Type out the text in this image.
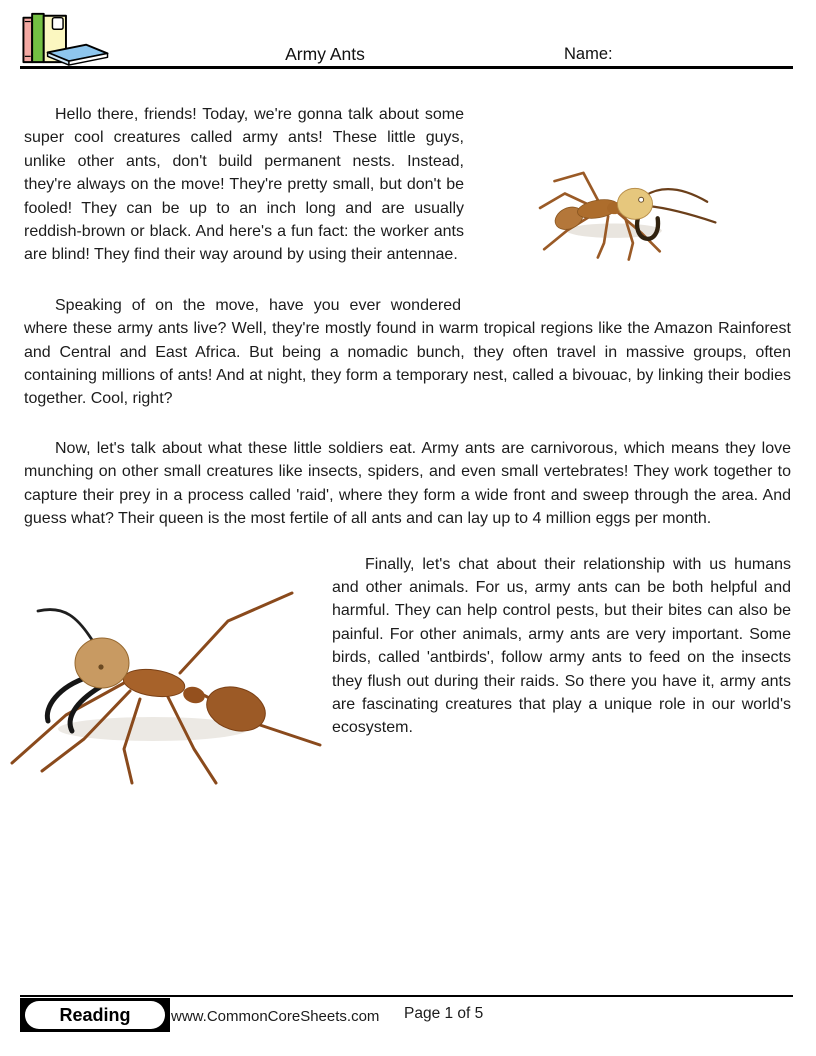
Army Ants	Name:

Hello there, friends! Today, we're gonna talk about some super cool creatures called army ants! These little guys, unlike other ants, don't build permanent nests. Instead, they're always on the move! They're pretty small, but don't be fooled! They can be up to an inch long and are usually reddish-brown or black. And here's a fun fact: the worker ants are blind! They find their way around by using their antennae.

Speaking of on the move, have you ever wondered where these army ants live? Well, they're mostly found in warm tropical regions like the Amazon Rainforest and Central and East Africa. But being a nomadic bunch, they often travel in massive groups, often containing millions of ants! And at night, they form a temporary nest, called a bivouac, by linking their bodies together. Cool, right?

Now, let's talk about what these little soldiers eat. Army ants are carnivorous, which means they love munching on other small creatures like insects, spiders, and even small vertebrates! They work together to capture their prey in a process called 'raid', where they form a wide front and sweep through the area. And guess what? Their queen is the most fertile of all ants and can lay up to 4 million eggs per month.

Finally, let's chat about their relationship with us humans and other animals. For us, army ants can be both helpful and harmful. They can help control pests, but their bites can also be painful. For other animals, army ants are very important. Some birds, called 'antbirds', follow army ants to feed on the insects they flush out during their raids. So there you have it, army ants are fascinating creatures that play a unique role in our world's ecosystem.

Reading	www.CommonCoreSheets.com Page 1 of 5
